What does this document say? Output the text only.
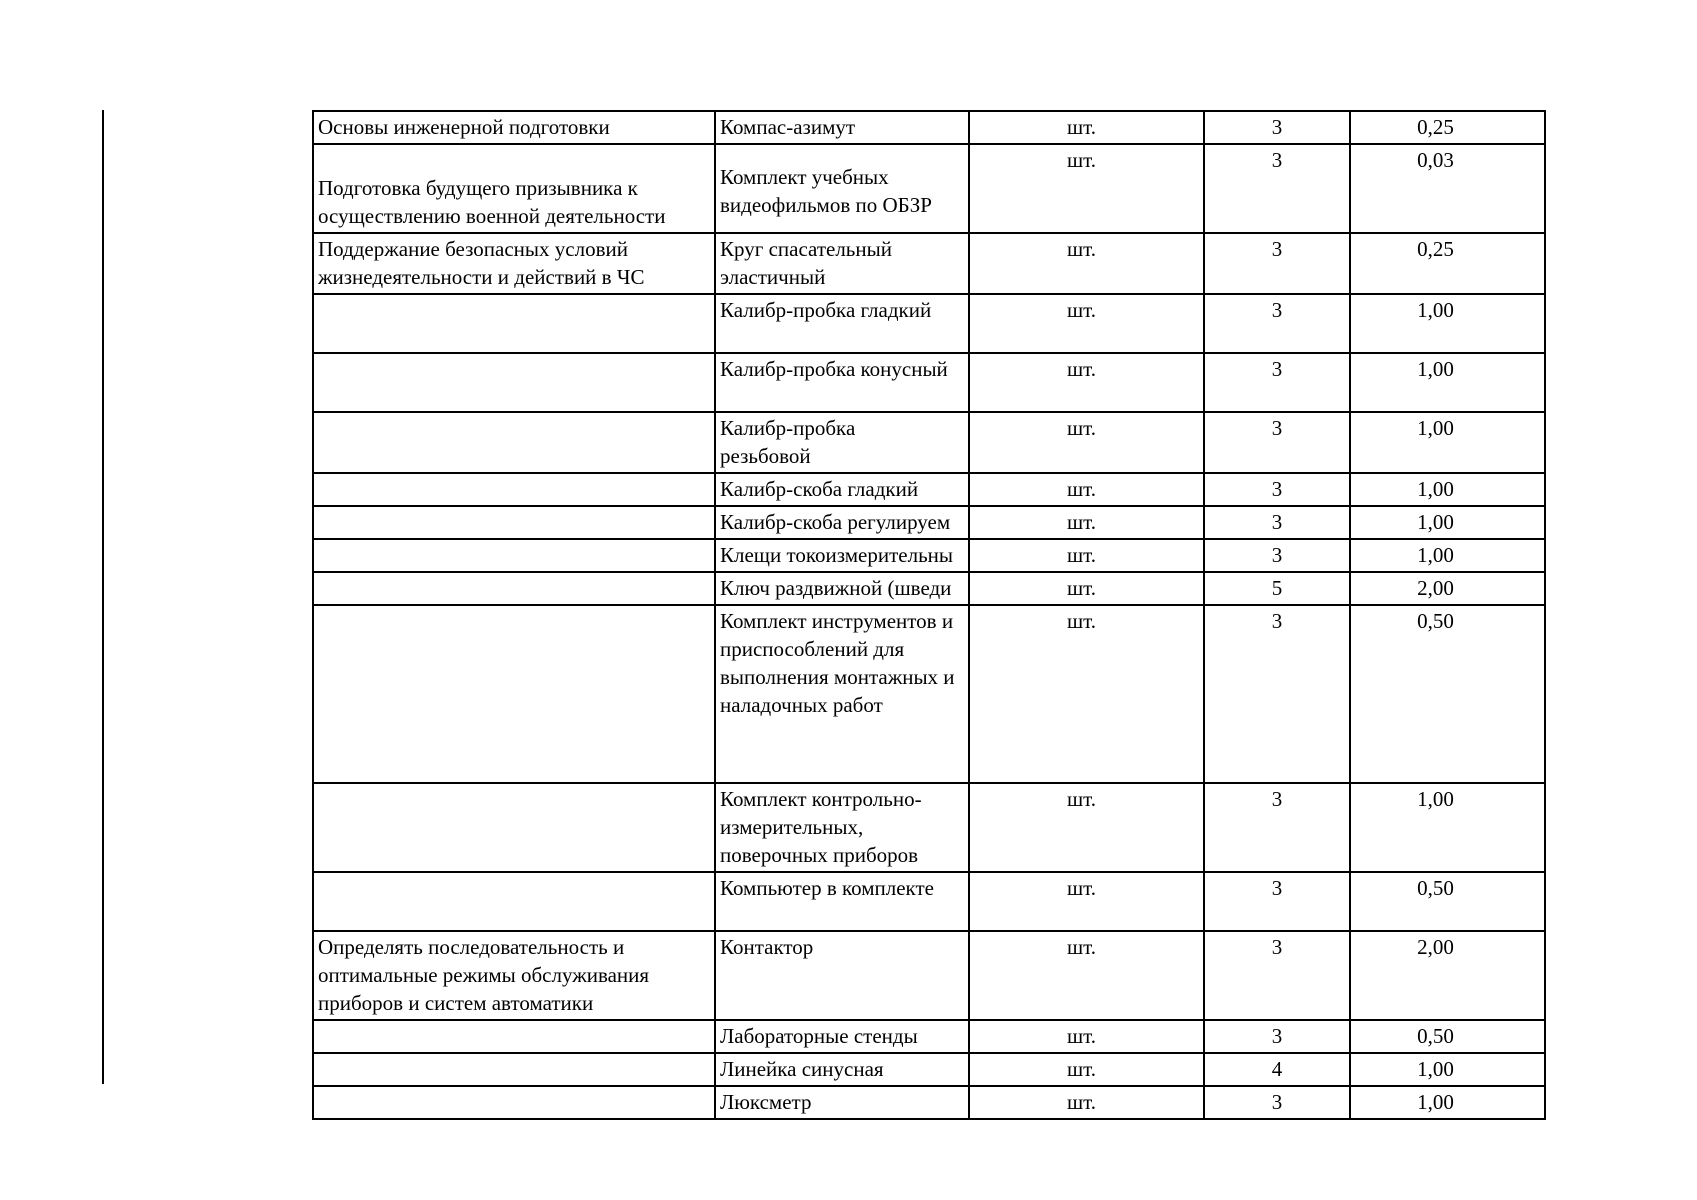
Основы инженерной подготовки	Компас-азимут	шт.	3	0,25
Подготовка будущего призывника к осуществлению военной деятельности	Комплект учебных видеофильмов по ОБЗР	шт.	3	0,03
Поддержание безопасных условий жизнедеятельности и действий в ЧС	Круг спасательный эластичный	шт.	3	0,25
	Калибр-пробка гладкий	шт.	3	1,00
	Калибр-пробка конусный	шт.	3	1,00
	Калибр-пробка резьбовой	шт.	3	1,00
	Калибр-скоба гладкий	шт.	3	1,00
	Калибр-скоба регулируем	шт.	3	1,00
	Клещи токоизмерительны	шт.	3	1,00
	Ключ раздвижной (шведи	шт.	5	2,00
	Комплект инструментов и приспособлений для выполнения монтажных и наладочных работ	шт.	3	0,50
	Комплект контрольно-измерительных, поверочных приборов	шт.	3	1,00
	Компьютер в комплекте	шт.	3	0,50
Определять последовательность и оптимальные режимы обслуживания приборов и систем автоматики	Контактор	шт.	3	2,00
	Лабораторные стенды	шт.	3	0,50
	Линейка синусная	шт.	4	1,00
	Люксметр	шт.	3	1,00
